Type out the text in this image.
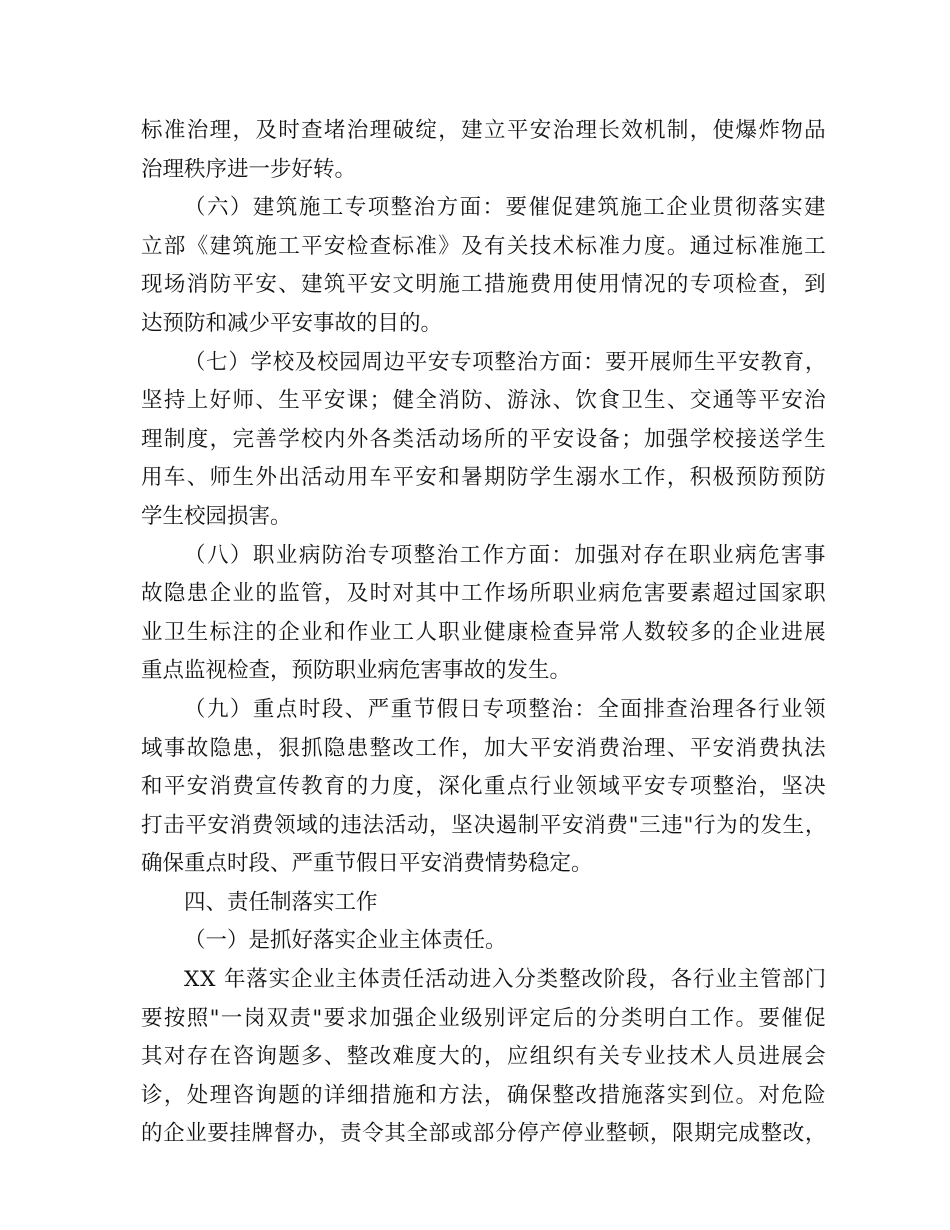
标准治理，及时查堵治理破绽，建立平安治理长效机制，使爆炸物品
治理秩序进一步好转。
（六）建筑施工专项整治方面：要催促建筑施工企业贯彻落实建
立部《建筑施工平安检查标准》及有关技术标准力度。通过标准施工
现场消防平安、建筑平安文明施工措施费用使用情况的专项检查，到
达预防和减少平安事故的目的。
（七）学校及校园周边平安专项整治方面：要开展师生平安教育，
坚持上好师、生平安课；健全消防、游泳、饮食卫生、交通等平安治
理制度，完善学校内外各类活动场所的平安设备；加强学校接送学生
用车、师生外出活动用车平安和暑期防学生溺水工作，积极预防预防
学生校园损害。
（八）职业病防治专项整治工作方面：加强对存在职业病危害事
故隐患企业的监管，及时对其中工作场所职业病危害要素超过国家职
业卫生标注的企业和作业工人职业健康检查异常人数较多的企业进展
重点监视检查，预防职业病危害事故的发生。
（九）重点时段、严重节假日专项整治：全面排查治理各行业领
域事故隐患，狠抓隐患整改工作，加大平安消费治理、平安消费执法
和平安消费宣传教育的力度，深化重点行业领域平安专项整治，坚决
打击平安消费领域的违法活动，坚决遏制平安消费"三违"行为的发生，
确保重点时段、严重节假日平安消费情势稳定。
四、责任制落实工作
（一）是抓好落实企业主体责任。
XX 年落实企业主体责任活动进入分类整改阶段，各行业主管部门
要按照"一岗双责"要求加强企业级别评定后的分类明白工作。要催促
其对存在咨询题多、整改难度大的，应组织有关专业技术人员进展会
诊，处理咨询题的详细措施和方法，确保整改措施落实到位。对危险
的企业要挂牌督办，责令其全部或部分停产停业整顿，限期完成整改，
